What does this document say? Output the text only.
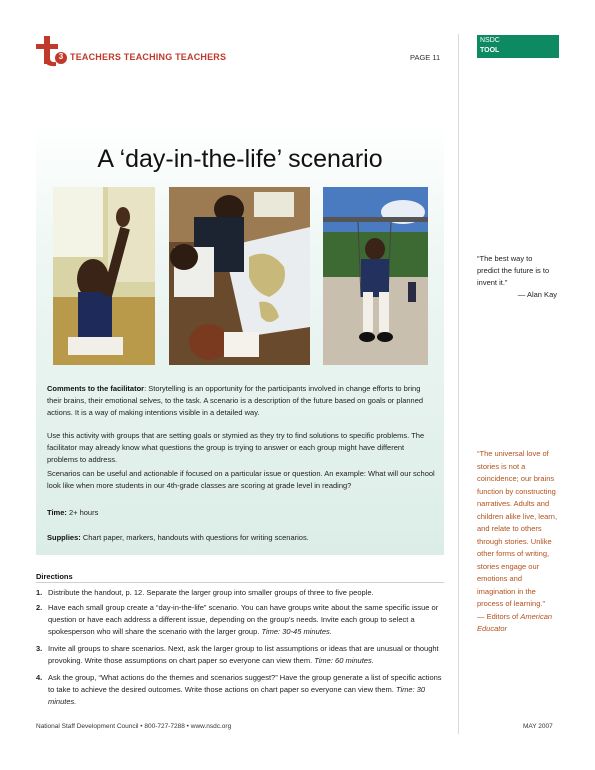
3 TEACHERS TEACHING TEACHERS	PAGE 11
NSDC
TOOL
A ‘day-in-the-life’ scenario
Comments to the facilitator: Storytelling is an opportunity for the participants involved in change efforts to bring their brains, their emotional selves, to the task. A scenario is a description of the future based on goals or planned actions. It is a way of making intentions visible in a detailed way.
Use this activity with groups that are setting goals or stymied as they try to find solutions to specific problems. The facilitator may already know what questions the group is trying to answer or each group might have different problems to address.
Scenarios can be useful and actionable if focused on a particular issue or question. An example: What will our school look like when more students in our 4th-grade classes are scoring at grade level in reading?
Time: 2+ hours
Supplies: Chart paper, markers, handouts with questions for writing scenarios.
Directions
1. Distribute the handout, p. 12. Separate the larger group into smaller groups of three to five people.
2. Have each small group create a “day-in-the-life” scenario. You can have groups write about the same specific issue or question or have each address a different issue, depending on the group’s needs. Invite each group to select a spokesperson who will share the scenario with the larger group. Time: 30-45 minutes.
3. Invite all groups to share scenarios. Next, ask the larger group to list assumptions or ideas that are unusual or thought provoking. Write those assumptions on chart paper so everyone can view them. Time: 60 minutes.
4. Ask the group, “What actions do the themes and scenarios suggest?” Have the group generate a list of specific actions to take to achieve the desired outcomes. Write those actions on chart paper so everyone can view them. Time: 30 minutes.
“The best way to predict the future is to invent it.”
— Alan Kay
“The universal love of stories is not a coincidence; our brains function by constructing narratives. Adults and children alike live, learn, and relate to others through stories. Unlike other forms of writing, stories engage our emotions and imagination in the process of learning.”
— Editors of American Educator
National Staff Development Council • 800-727-7288 • www.nsdc.org	MAY 2007
